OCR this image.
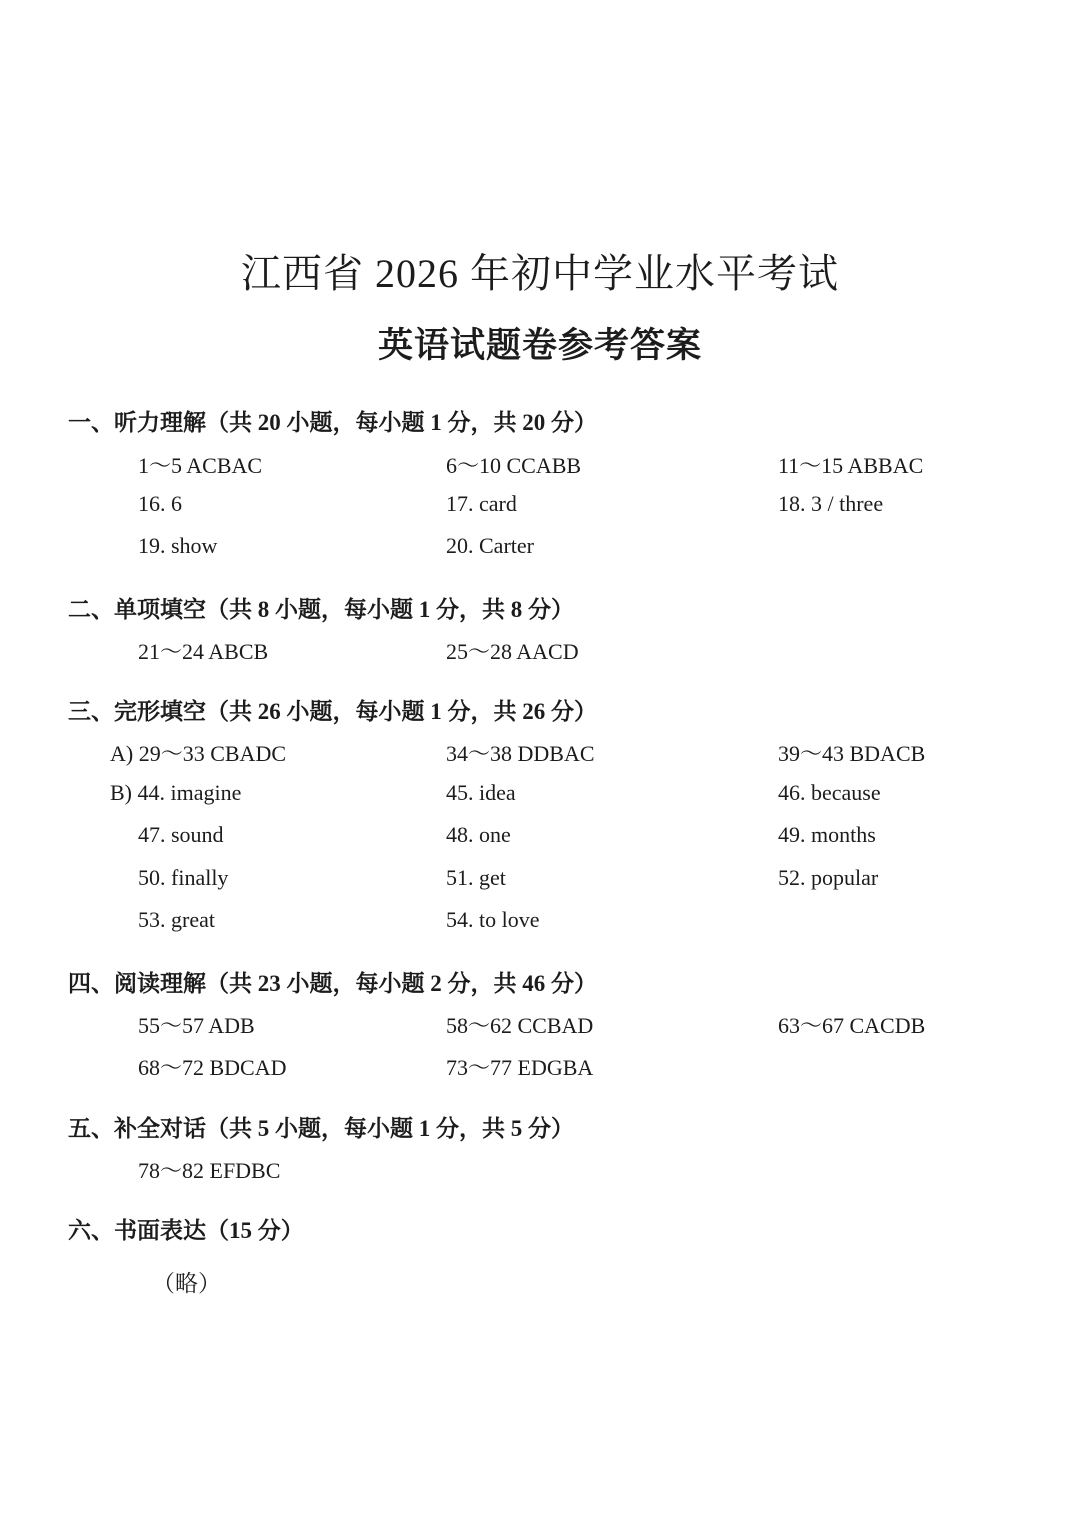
江西省 2026 年初中学业水平考试
英语试题卷参考答案
一、听力理解（共 20 小题，每小题 1 分，共 20 分）
1～5 ACBAC	6～10 CCABB	11～15 ABBAC
16. 6	17. card	18. 3 / three
19. show	20. Carter
二、单项填空（共 8 小题，每小题 1 分，共 8 分）
21～24 ABCB	25～28 AACD
三、完形填空（共 26 小题，每小题 1 分，共 26 分）
A) 29～33 CBADC	34～38 DDBAC	39～43 BDACB
B) 44. imagine	45. idea	46. because
47. sound	48. one	49. months
50. finally	51. get	52. popular
53. great	54. to love
四、阅读理解（共 23 小题，每小题 2 分，共 46 分）
55～57 ADB	58～62 CCBAD	63～67 CACDB
68～72 BDCAD	73～77 EDGBA
五、补全对话（共 5 小题，每小题 1 分，共 5 分）
78～82 EFDBC
六、书面表达（15 分）
（略）
